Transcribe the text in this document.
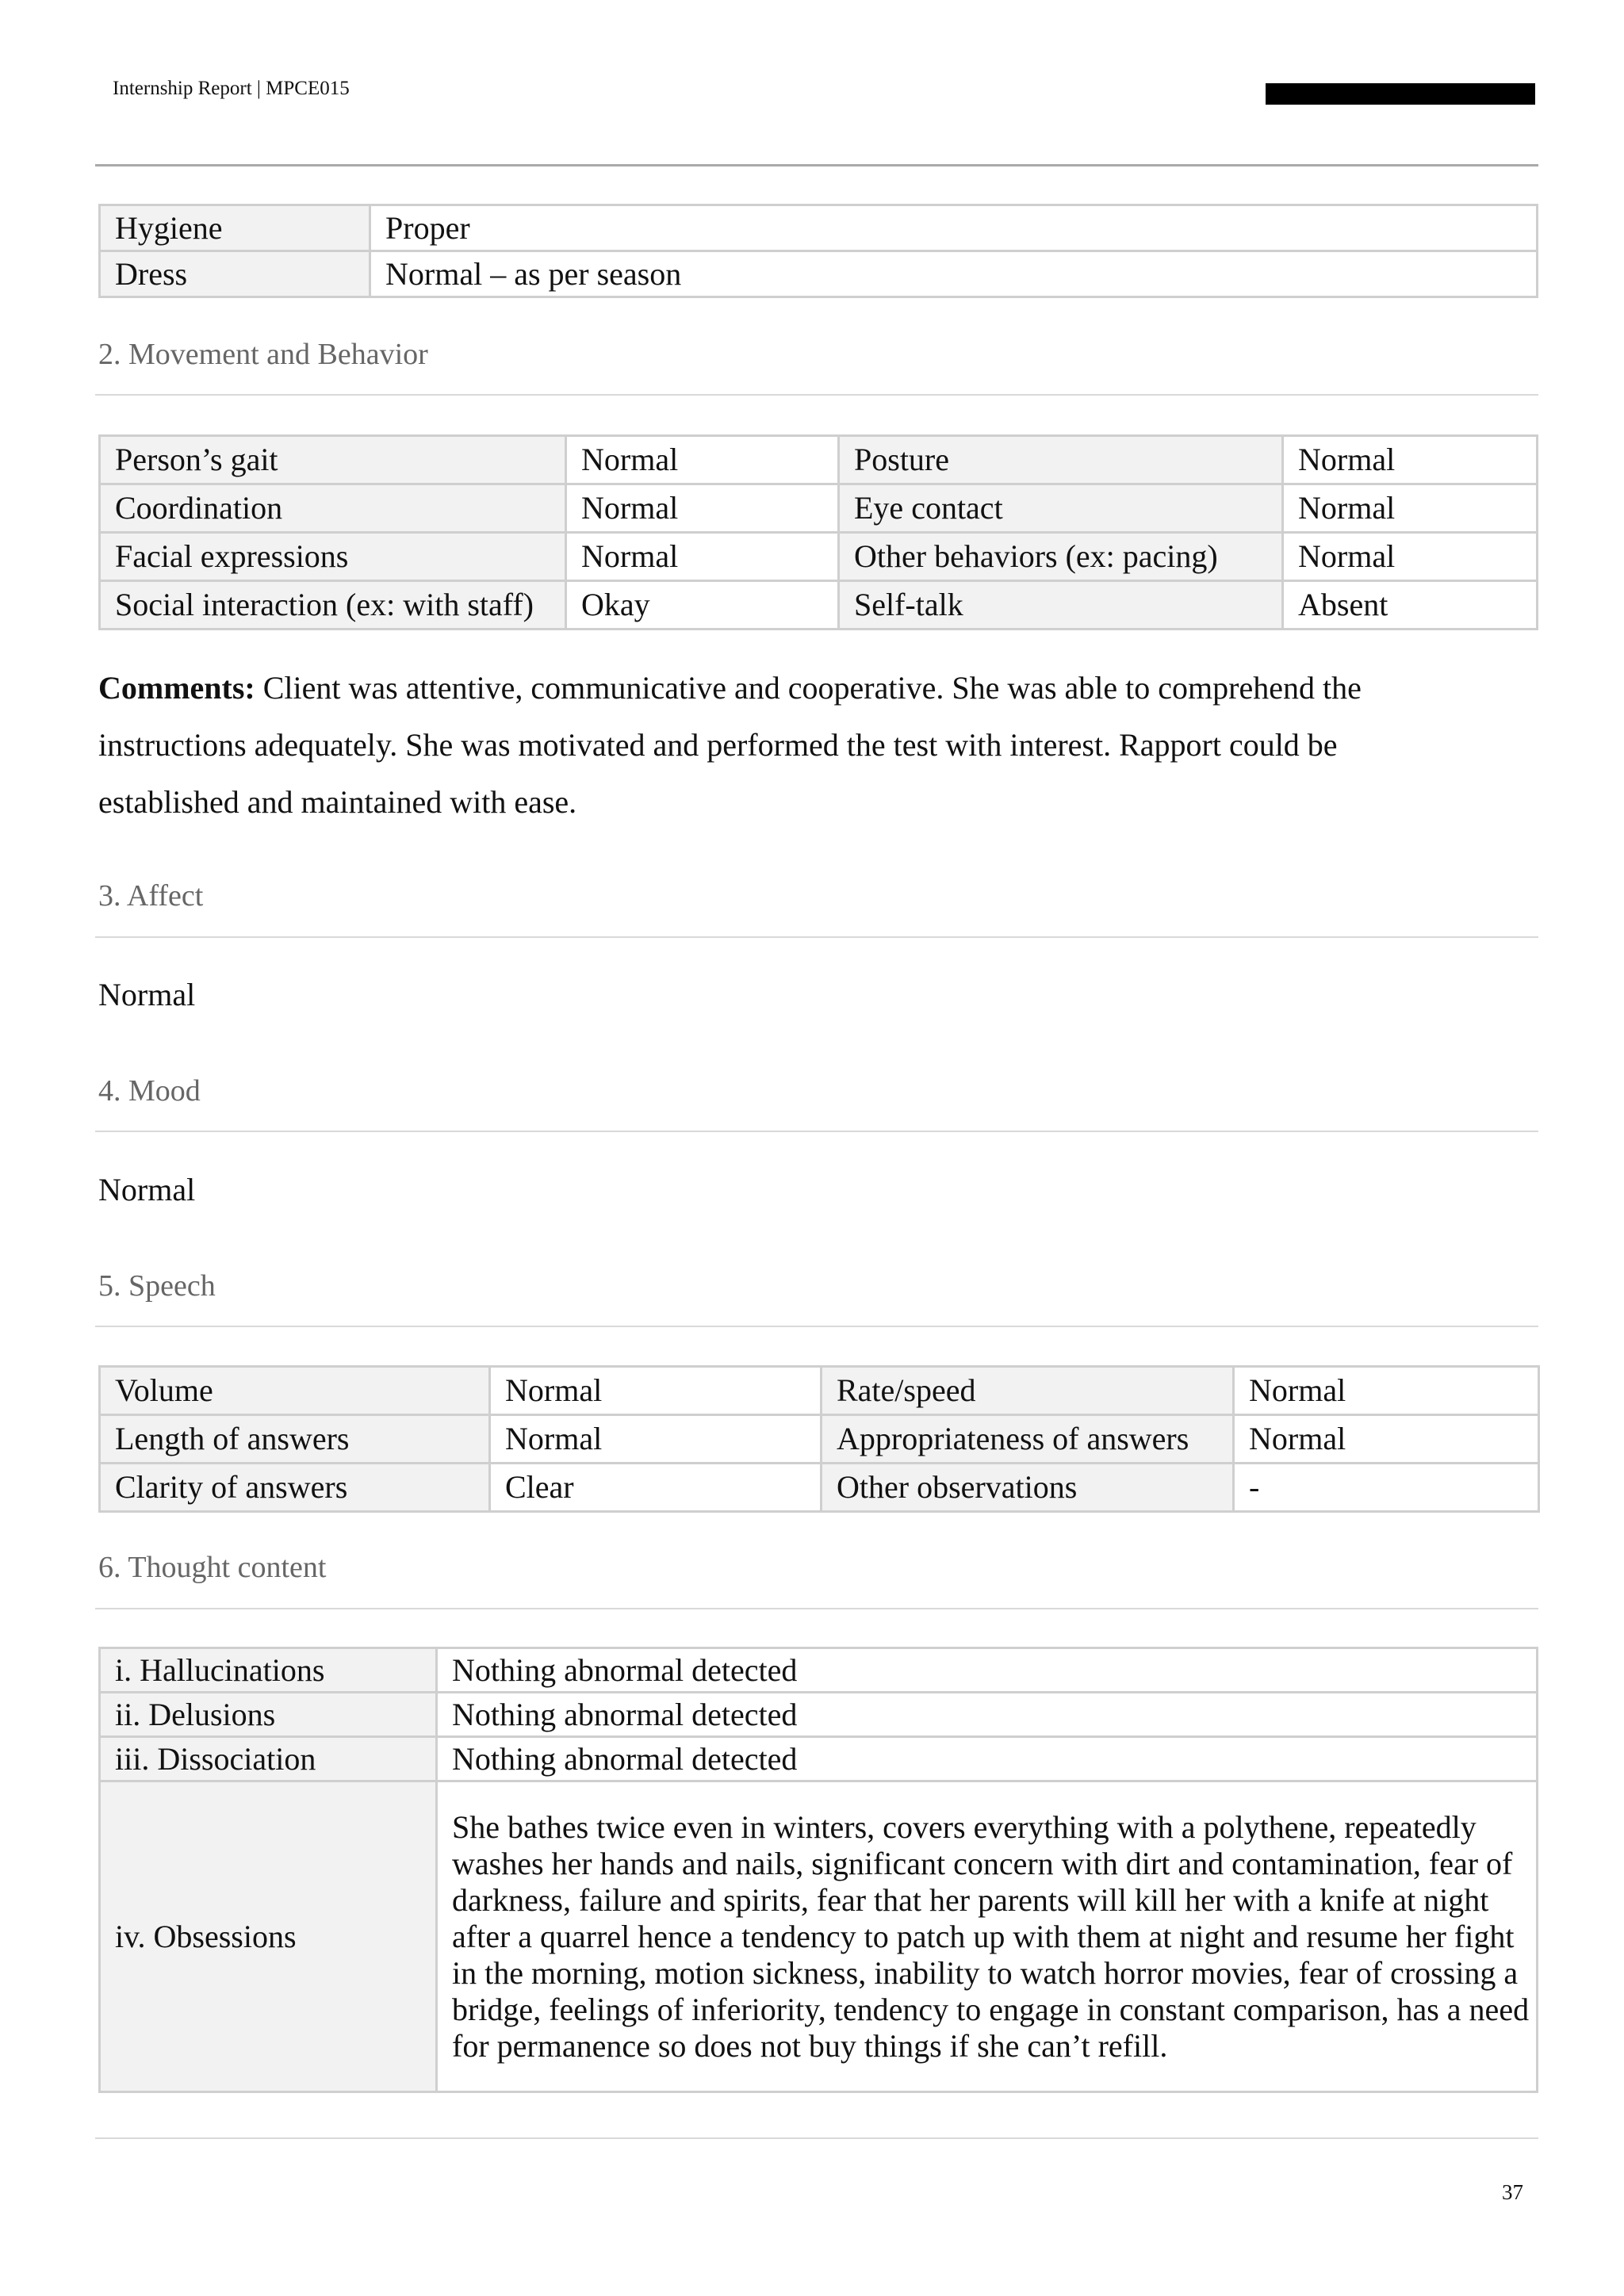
Internship Report | MPCE015
Hygiene	Proper
Dress	Normal – as per season
2. Movement and Behavior
Person’s gait	Normal	Posture	Normal
Coordination	Normal	Eye contact	Normal
Facial expressions	Normal	Other behaviors (ex: pacing)	Normal
Social interaction (ex: with staff)	Okay	Self-talk	Absent
Comments: Client was attentive, communicative and cooperative. She was able to comprehend the instructions adequately. She was motivated and performed the test with interest. Rapport could be established and maintained with ease.
3. Affect
Normal
4. Mood
Normal
5. Speech
Volume	Normal	Rate/speed	Normal
Length of answers	Normal	Appropriateness of answers	Normal
Clarity of answers	Clear	Other observations	-
6. Thought content
i. Hallucinations	Nothing abnormal detected
ii. Delusions	Nothing abnormal detected
iii. Dissociation	Nothing abnormal detected
iv. Obsessions	She bathes twice even in winters, covers everything with a polythene, repeatedly washes her hands and nails, significant concern with dirt and contamination, fear of darkness, failure and spirits, fear that her parents will kill her with a knife at night after a quarrel hence a tendency to patch up with them at night and resume her fight in the morning, motion sickness, inability to watch horror movies, fear of crossing a bridge, feelings of inferiority, tendency to engage in constant comparison, has a need for permanence so does not buy things if she can’t refill.
37
